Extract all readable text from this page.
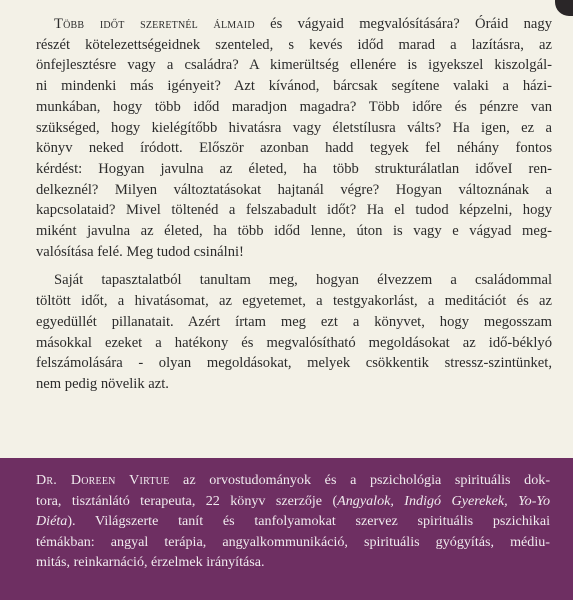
Több időt szeretnél álmaid és vágyaid megvalósítására? Óráid nagy
részét kötelezettségeidnek szenteled, s kevés időd marad a lazításra, az
önfejlesztésre vagy a családra? A kimerültség ellenére is igyekszel kiszolgál-
ni mindenki más igényeit? Azt kívánod, bárcsak segítene valaki a házi-
munkában, hogy több időd maradjon magadra? Több időre és pénzre van
szükséged, hogy kielégítőbb hivatásra vagy életstílusra válts? Ha igen, ez a
könyv neked íródott. Először azonban hadd tegyek fel néhány fontos
kérdést: Hogyan javulna az életed, ha több strukturálatlan időveI ren-
delkeznél? Milyen változtatásokat hajtanál végre? Hogyan változnának a
kapcsolataid? Mivel töltenéd a felszabadult időt? Ha el tudod képzelni, hogy
miként javulna az életed, ha több időd lenne, úton is vagy e vágyad meg-
valósítása felé. Meg tudod csinálni!
Saját tapasztalatból tanultam meg, hogyan élvezzem a családommal
töltött időt, a hivatásomat, az egyetemet, a testgyakorlást, a meditációt és az
egyedüllét pillanatait. Azért írtam meg ezt a könyvet, hogy megosszam
másokkal ezeket a hatékony és megvalósítható megoldásokat az idő-béklyó
felszámolására - olyan megoldásokat, melyek csökkentik stressz-szintünket,
nem pedig növelik azt.
Dr. Doreen Virtue az orvostudományok és a pszichológia spirituális dok-
tora, tisztánlátó terapeuta, 22 könyv szerzője (Angyalok, Indigó Gyerekek, Yo-Yo
Diéta). Világszerte tanít és tanfolyamokat szervez spirituális pszichikai
témákban: angyal terápia, angyalkommunikáció, spirituális gyógyítás, médiu-
mitás, reinkarnáció, érzelmek irányítása.
